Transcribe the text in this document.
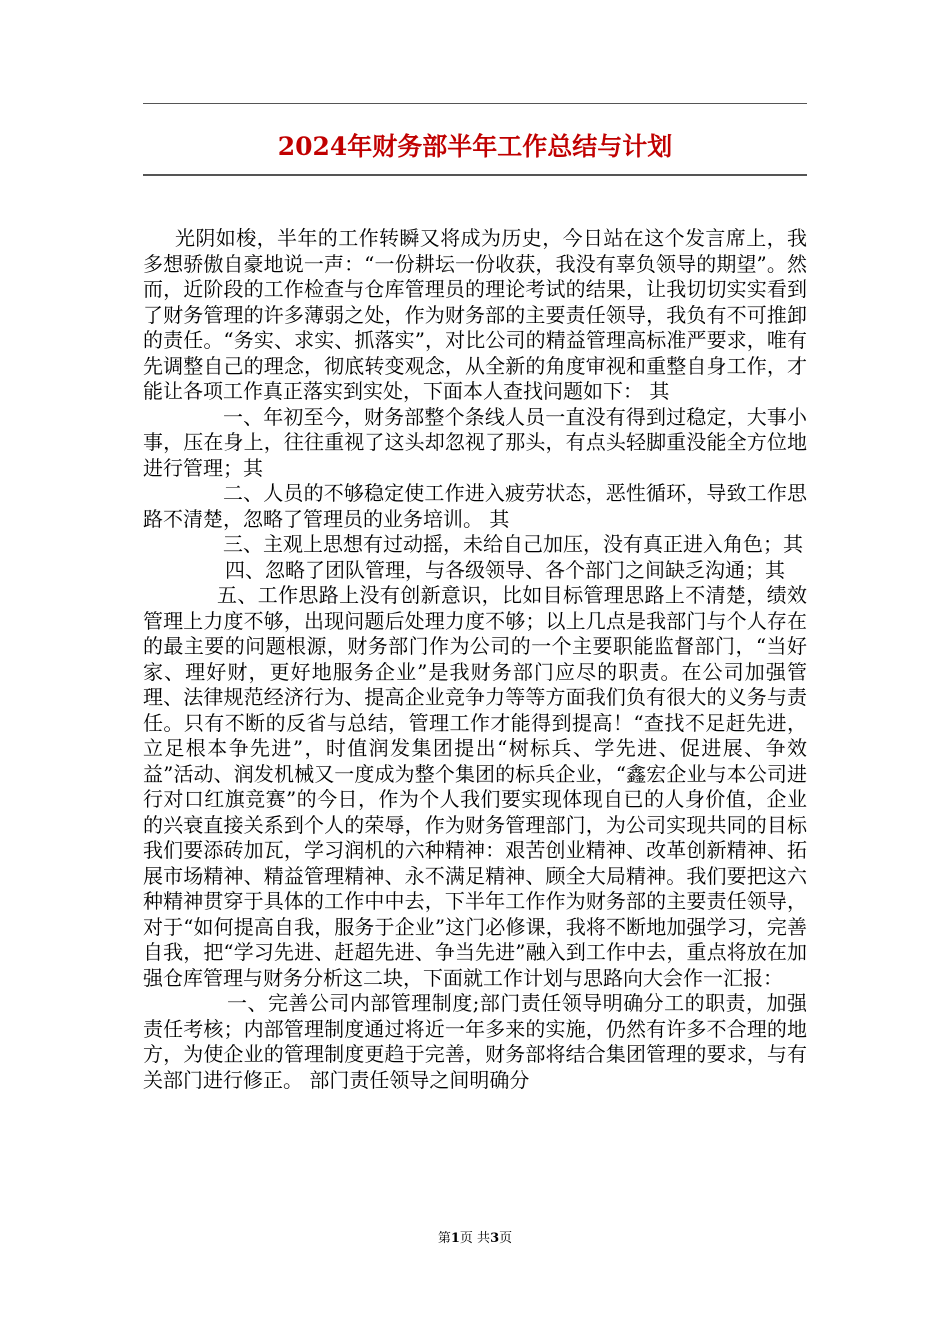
2024年财务部半年工作总结与计划

光阴如梭，半年的工作转瞬又将成为历史，今日站在这个发言席上，我多想骄傲自豪地说一声：“一份耕坛一份收获，我没有辜负领导的期望”。然而，近阶段的工作检查与仓库管理员的理论考试的结果，让我切切实实看到了财务管理的许多薄弱之处，作为财务部的主要责任领导，我负有不可推卸的责任。“务实、求实、抓落实”，对比公司的精益管理高标准严要求，唯有先调整自己的理念，彻底转变观念，从全新的角度审视和重整自身工作，才能让各项工作真正落实到实处，下面本人查找问题如下： 其

一、年初至今，财务部整个条线人员一直没有得到过稳定，大事小事，压在身上，往往重视了这头却忽视了那头，有点头轻脚重没能全方位地进行管理；其

二、人员的不够稳定使工作进入疲劳状态，恶性循环，导致工作思路不清楚，忽略了管理员的业务培训。 其

三、主观上思想有过动摇，未给自己加压，没有真正进入角色；其

四、忽略了团队管理，与各级领导、各个部门之间缺乏沟通；其

五、工作思路上没有创新意识，比如目标管理思路上不清楚，绩效管理上力度不够，出现问题后处理力度不够；以上几点是我部门与个人存在的最主要的问题根源，财务部门作为公司的一个主要职能监督部门，“当好家、理好财，更好地服务企业”是我财务部门应尽的职责。在公司加强管理、法律规范经济行为、提高企业竞争力等等方面我们负有很大的义务与责任。只有不断的反省与总结，管理工作才能得到提高！“查找不足赶先进，立足根本争先进”，时值润发集团提出“树标兵、学先进、促进展、争效益”活动、润发机械又一度成为整个集团的标兵企业，“鑫宏企业与本公司进行对口红旗竞赛”的今日，作为个人我们要实现体现自已的人身价值，企业的兴衰直接关系到个人的荣辱，作为财务管理部门，为公司实现共同的目标我们要添砖加瓦，学习润机的六种精神：艰苦创业精神、改革创新精神、拓展市场精神、精益管理精神、永不满足精神、顾全大局精神。我们要把这六种精神贯穿于具体的工作中中去，下半年工作作为财务部的主要责任领导，对于“如何提高自我，服务于企业”这门必修课，我将不断地加强学习，完善自我，把“学习先进、赶超先进、争当先进”融入到工作中去，重点将放在加强仓库管理与财务分析这二块，下面就工作计划与思路向大会作一汇报：

一、完善公司内部管理制度;部门责任领导明确分工的职责，加强责任考核；内部管理制度通过将近一年多来的实施，仍然有许多不合理的地方，为使企业的管理制度更趋于完善，财务部将结合集团管理的要求，与有关部门进行修正。 部门责任领导之间明确分

第1页 共3页
